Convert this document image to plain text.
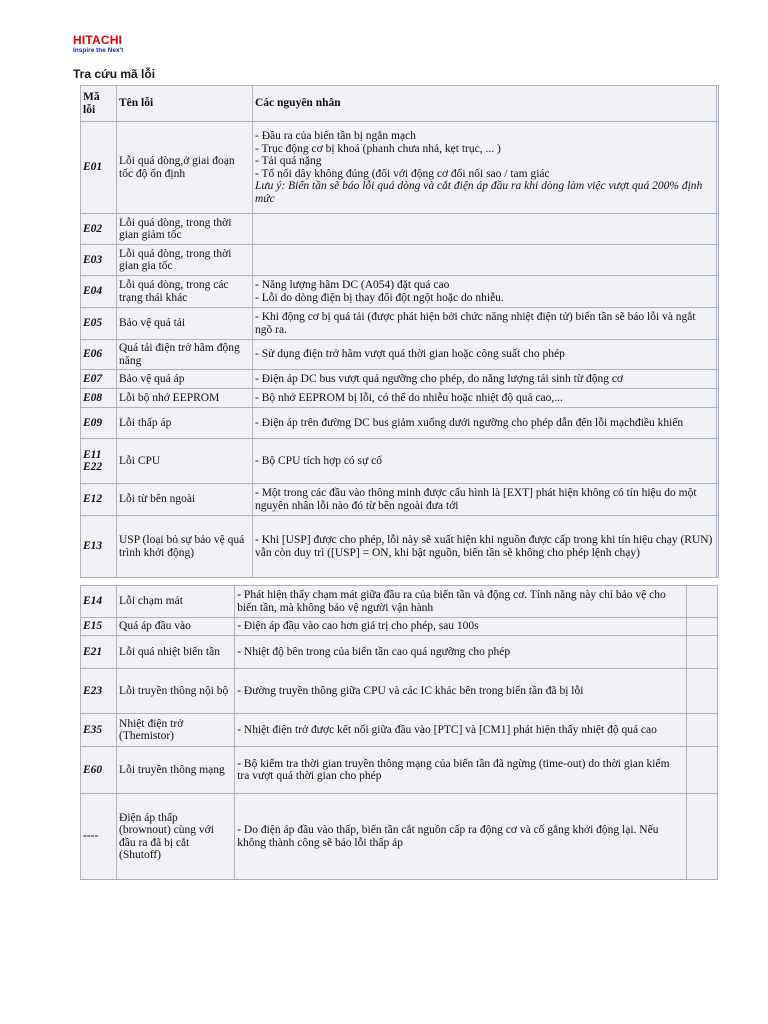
HITACHI
Inspire the Nex't
Tra cứu mã lỗi
Mã lỗi	Tên lỗi	Các nguyên nhân	
E01	Lỗi quá dòng,ở giai đoạn tốc độ ổn định	- Đầu ra của biến tần bị ngắn mạch
- Trục động cơ bị khoá (phanh chưa nhả, kẹt trục, ... )
- Tải quá nặng
- Tổ nối dây không đúng (đối với động cơ đổi nối sao / tam giác
Lưu ý: Biến tần sẽ báo lỗi quá dòng và cắt điện áp đầu ra khi dòng làm việc vượt quá 200% định mức	

E02	Lỗi quá dòng, trong thời gian giảm tốc		
E03	Lỗi quá dòng, trong thời gian gia tốc		
E04	Lỗi quá dòng, trong các trạng thái khác	- Năng lượng hãm DC (A054) đặt quá cao
- Lỗi do dòng điện bị thay đổi đột ngột hoặc do nhiễu.	

E05	Bảo vệ quá tải	- Khi động cơ bị quá tải (được phát hiện bởi chức năng nhiệt điện tử) biến tần sẽ báo lỗi và ngắt ngõ ra.	
E06	Quá tải điện trở hãm động năng	- Sử dụng điện trở hãm vượt quá thời gian hoặc công suất cho phép	
E07	Bảo vệ quá áp	- Điện áp DC bus vượt quá ngưỡng cho phép, do năng lượng tái sinh từ động cơ	
E08	Lỗi bộ nhớ EEPROM	- Bộ nhớ EEPROM bị lỗi, có thể do nhiễu hoặc nhiệt độ quá cao,...	
E09	Lỗi thấp áp	- Điện áp trên đường DC bus giảm xuống dưới ngưỡng cho phép dẫn đến lỗi mạchđiều khiển	
E11 E22	Lỗi CPU	- Bộ CPU tích hợp có sự cố	
E12	Lỗi từ bên ngoài	- Một trong các đầu vào thông minh được cấu hình là [EXT] phát hiện không có tín hiệu do một nguyên nhân lỗi nào đó từ bên ngoài đưa tới	
E13	USP (loại bỏ sự bảo vệ quá trình khởi động)	- Khi [USP] được cho phép, lỗi này sẽ xuất hiện khi nguồn được cấp trong khi tín hiệu chạy (RUN) vẫn còn duy trì ([USP] = ON, khi bật nguồn, biến tần sẽ không cho phép lệnh chạy)	
E14	Lỗi chạm mát	- Phát hiện thấy chạm mát giữa đầu ra của biến tần và động cơ. Tính năng này chỉ bảo vệ cho biến tần, mà không bảo vệ người vận hành	
E15	Quá áp đầu vào	- Điện áp đầu vào cao hơn giá trị cho phép, sau 100s	
E21	Lỗi quá nhiệt biến tần	- Nhiệt độ bên trong của biến tần cao quá ngưỡng cho phép	
E23	Lỗi truyền thông nội bộ	- Đường truyền thông giữa CPU và các IC khác bên trong biến tần đã bị lỗi	
E35	Nhiệt điện trở (Themistor)	- Nhiệt điện trở được kết nối giữa đầu vào [PTC] và [CM1] phát hiện thấy nhiệt độ quá cao	
E60	Lỗi truyền thông mạng	- Bộ kiểm tra thời gian truyền thông mạng của biến tần đã ngừng (time-out) do thời gian kiểm tra vượt quá thời gian cho phép	
----	Điện áp thấp (brownout) cùng với đầu ra đã bị cắt (Shutoff)	- Do điện áp đầu vào thấp, biến tần cắt nguồn cấp ra động cơ và cố gắng khởi động lại. Nếu không thành công sẽ báo lỗi thấp áp	
